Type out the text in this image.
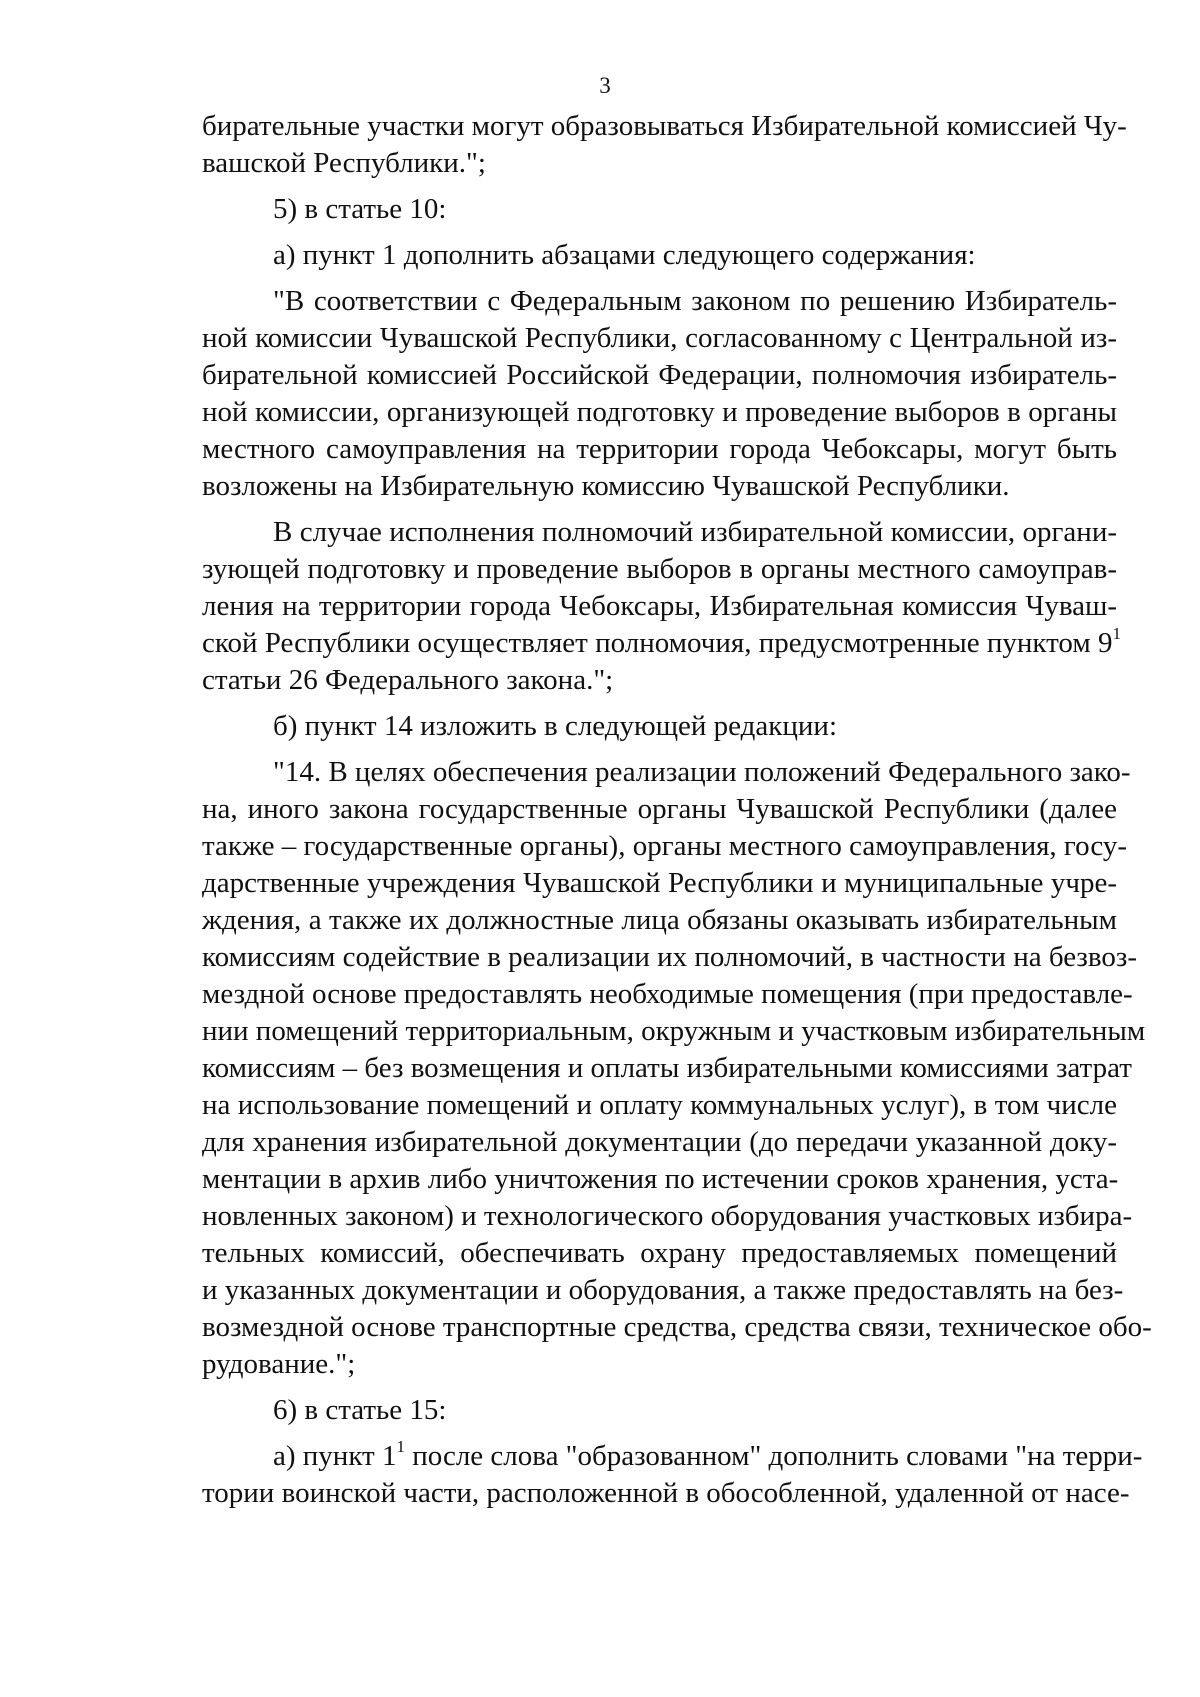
3
бирательные участки могут образовываться Избирательной комиссией Чу-
вашской Республики.";
5) в статье 10:
а) пункт 1 дополнить абзацами следующего содержания:
"В соответствии с Федеральным законом по решению Избиратель-
ной комиссии Чувашской Республики, согласованному с Центральной из-
бирательной комиссией Российской Федерации, полномочия избиратель-
ной комиссии, организующей подготовку и проведение выборов в органы
местного самоуправления на территории города Чебоксары, могут быть
возложены на Избирательную комиссию Чувашской Республики.
В случае исполнения полномочий избирательной комиссии, органи-
зующей подготовку и проведение выборов в органы местного самоуправ-
ления на территории города Чебоксары, Избирательная комиссия Чуваш-
ской Республики осуществляет полномочия, предусмотренные пунктом $9^1$
статьи 26 Федерального закона.";
б) пункт 14 изложить в следующей редакции:
"14. В целях обеспечения реализации положений Федерального зако-
на, иного закона государственные органы Чувашской Республики (далее
также – государственные органы), органы местного самоуправления, госу-
дарственные учреждения Чувашской Республики и муниципальные учре-
ждения, а также их должностные лица обязаны оказывать избирательным
комиссиям содействие в реализации их полномочий, в частности на безвоз-
мездной основе предоставлять необходимые помещения (при предоставле-
нии помещений территориальным, окружным и участковым избирательным
комиссиям – без возмещения и оплаты избирательными комиссиями затрат
на использование помещений и оплату коммунальных услуг), в том числе
для хранения избирательной документации (до передачи указанной доку-
ментации в архив либо уничтожения по истечении сроков хранения, уста-
новленных законом) и технологического оборудования участковых избира-
тельных комиссий, обеспечивать охрану предоставляемых помещений
и указанных документации и оборудования, а также предоставлять на без-
возмездной основе транспортные средства, средства связи, техническое обо-
рудование.";
6) в статье 15:
а) пункт $1^1$ после слова "образованном" дополнить словами "на терри-
тории воинской части, расположенной в обособленной, удаленной от насе-
